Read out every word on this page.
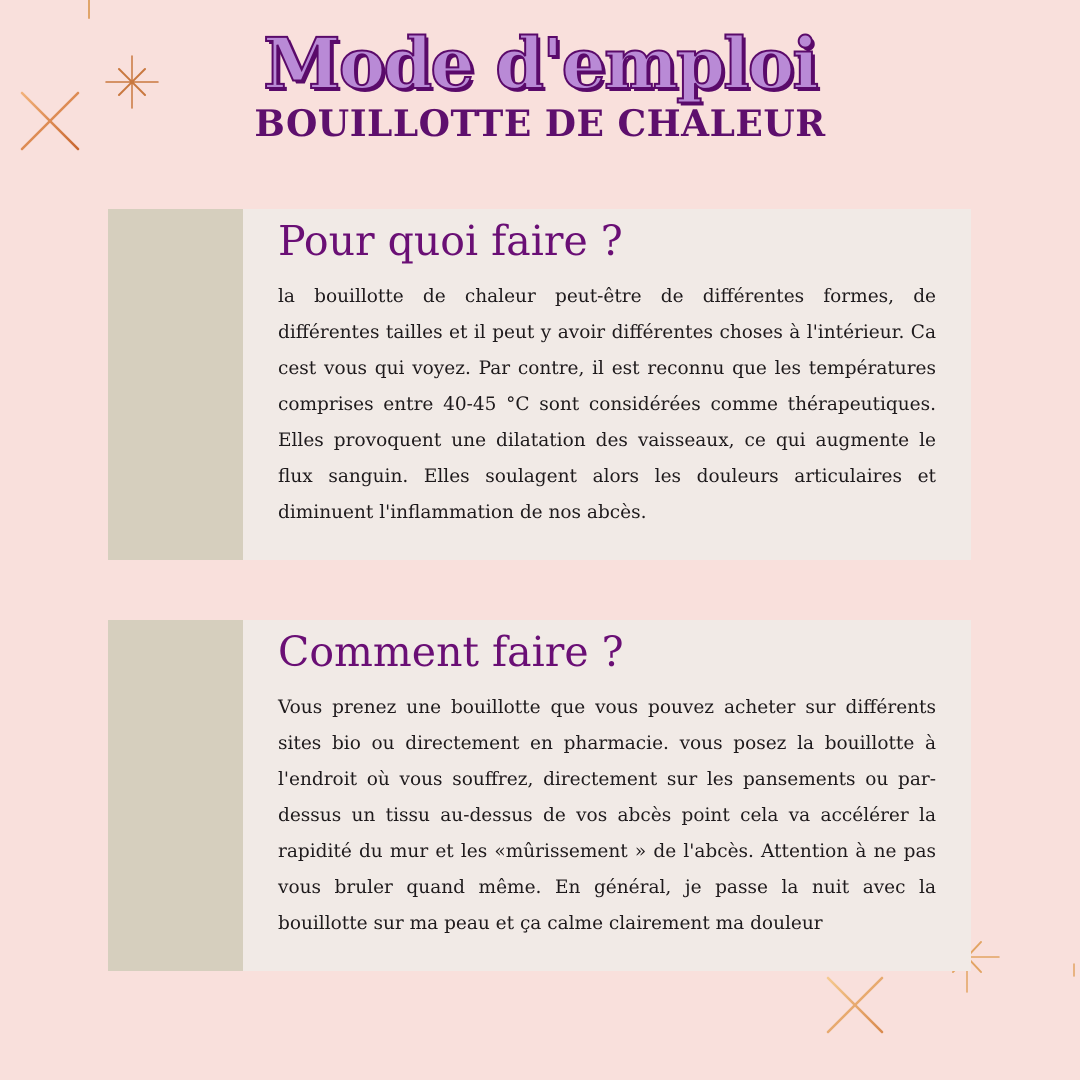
Mode d'emploi
BOUILLOTTE DE CHALEUR
Pour quoi faire ?

la bouillotte de chaleur peut-être de différentes formes, de différentes tailles et il peut y avoir différentes choses à l'intérieur. Ca cest vous qui voyez. Par contre, il est reconnu que les températures comprises entre 40-45 °C sont considérées comme thérapeutiques. Elles provoquent une dilatation des vaisseaux, ce qui augmente le flux sanguin. Elles soulagent alors les douleurs articulaires et diminuent l'inflammation de nos abcès.

Comment faire ?

Vous prenez une bouillotte que vous pouvez acheter sur différents sites bio ou directement en pharmacie. vous posez la bouillotte à l'endroit où vous souffrez, directement sur les pansements ou par-dessus un tissu au-dessus de vos abcès point cela va accélérer la rapidité du mur et les «mûrissement » de l'abcès. Attention à ne pas vous bruler quand même. En général, je passe la nuit avec la bouillotte sur ma peau et ça calme clairement ma douleur
